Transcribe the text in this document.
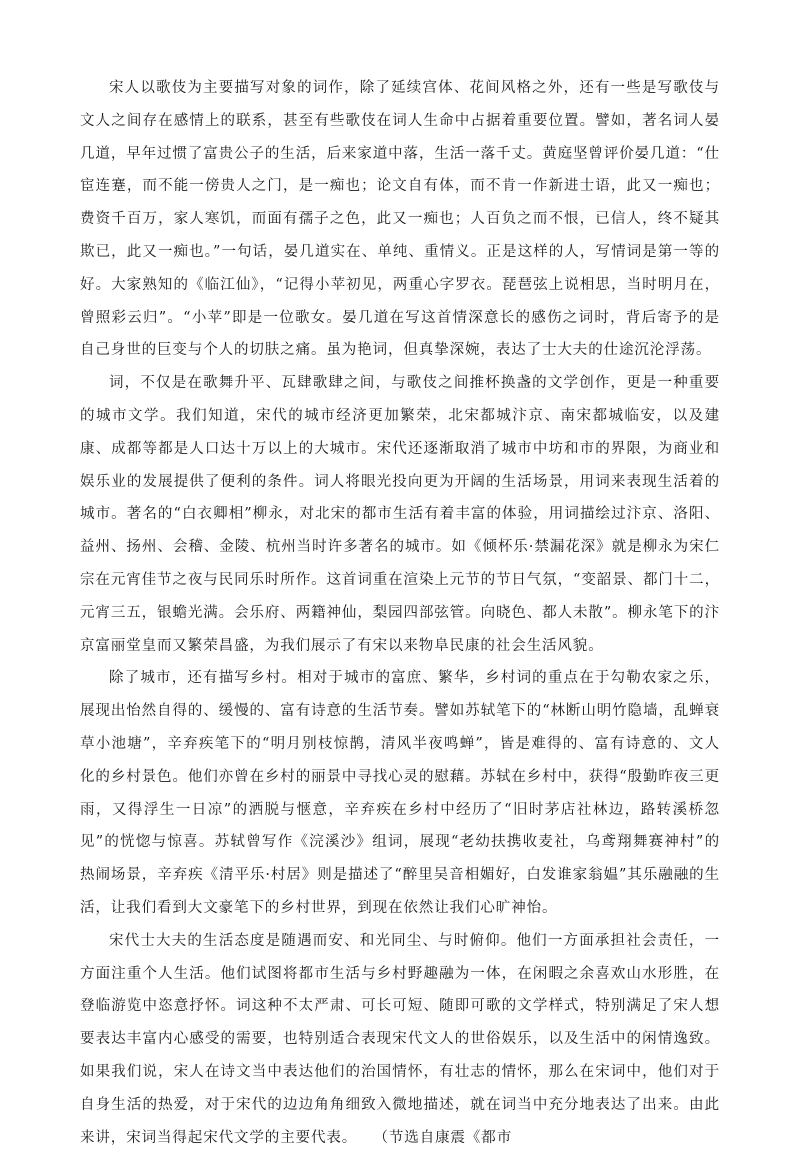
宋人以歌伎为主要描写对象的词作，除了延续宫体、花间风格之外，还有一些是写歌伎与文人之间存在感情上的联系，甚至有些歌伎在词人生命中占据着重要位置。譬如，著名词人晏几道，早年过惯了富贵公子的生活，后来家道中落，生活一落千丈。黄庭坚曾评价晏几道：“仕宦连蹇，而不能一傍贵人之门，是一痴也；论文自有体，而不肯一作新进士语，此又一痴也；费资千百万，家人寒饥，而面有孺子之色，此又一痴也；人百负之而不恨，已信人，终不疑其欺已，此又一痴也。”一句话，晏几道实在、单纯、重情义。正是这样的人，写情词是第一等的好。大家熟知的《临江仙》，“记得小苹初见，两重心字罗衣。琵琶弦上说相思，当时明月在，曾照彩云归”。“小苹”即是一位歌女。晏几道在写这首情深意长的感伤之词时，背后寄予的是自己身世的巨变与个人的切肤之痛。虽为艳词，但真挚深婉，表达了士大夫的仕途沉沦浮荡。

词，不仅是在歌舞升平、瓦肆歌肆之间，与歌伎之间推杯换盏的文学创作，更是一种重要的城市文学。我们知道，宋代的城市经济更加繁荣，北宋都城汴京、南宋都城临安，以及建康、成都等都是人口达十万以上的大城市。宋代还逐渐取消了城市中坊和市的界限，为商业和娱乐业的发展提供了便利的条件。词人将眼光投向更为开阔的生活场景，用词来表现生活着的城市。著名的“白衣卿相”柳永，对北宋的都市生活有着丰富的体验，用词描绘过汴京、洛阳、益州、扬州、会稽、金陵、杭州当时许多著名的城市。如《倾杯乐·禁漏花深》就是柳永为宋仁宗在元宵佳节之夜与民同乐时所作。这首词重在渲染上元节的节日气氛，“变韶景、都门十二，元宵三五，银蟾光满。会乐府、两籍神仙，梨园四部弦管。向晓色、都人未散”。柳永笔下的汴京富丽堂皇而又繁荣昌盛，为我们展示了有宋以来物阜民康的社会生活风貌。

除了城市，还有描写乡村。相对于城市的富庶、繁华，乡村词的重点在于勾勒农家之乐，展现出怡然自得的、缓慢的、富有诗意的生活节奏。譬如苏轼笔下的“林断山明竹隐墙，乱蝉衰草小池塘”，辛弃疾笔下的“明月别枝惊鹊，清风半夜鸣蝉”，皆是难得的、富有诗意的、文人化的乡村景色。他们亦曾在乡村的丽景中寻找心灵的慰藉。苏轼在乡村中，获得“殷勤昨夜三更雨，又得浮生一日凉”的洒脱与惬意，辛弃疾在乡村中经历了“旧时茅店社林边，路转溪桥忽见”的恍惚与惊喜。苏轼曾写作《浣溪沙》组词，展现“老幼扶携收麦社，乌鸢翔舞赛神村”的热闹场景，辛弃疾《清平乐·村居》则是描述了“醉里吴音相媚好，白发谁家翁媪”其乐融融的生活，让我们看到大文豪笔下的乡村世界，到现在依然让我们心旷神怡。

宋代士大夫的生活态度是随遇而安、和光同尘、与时俯仰。他们一方面承担社会责任，一方面注重个人生活。他们试图将都市生活与乡村野趣融为一体，在闲暇之余喜欢山水形胜，在登临游览中恣意抒怀。词这种不太严肃、可长可短、随即可歌的文学样式，特别满足了宋人想要表达丰富内心感受的需要，也特别适合表现宋代文人的世俗娱乐，以及生活中的闲情逸致。如果我们说，宋人在诗文当中表达他们的治国情怀，有壮志的情怀，那么在宋词中，他们对于自身生活的热爱，对于宋代的边边角角细致入微地描述，就在词当中充分地表达了出来。由此来讲，宋词当得起宋代文学的主要代表。　　（节选自康震《都市
